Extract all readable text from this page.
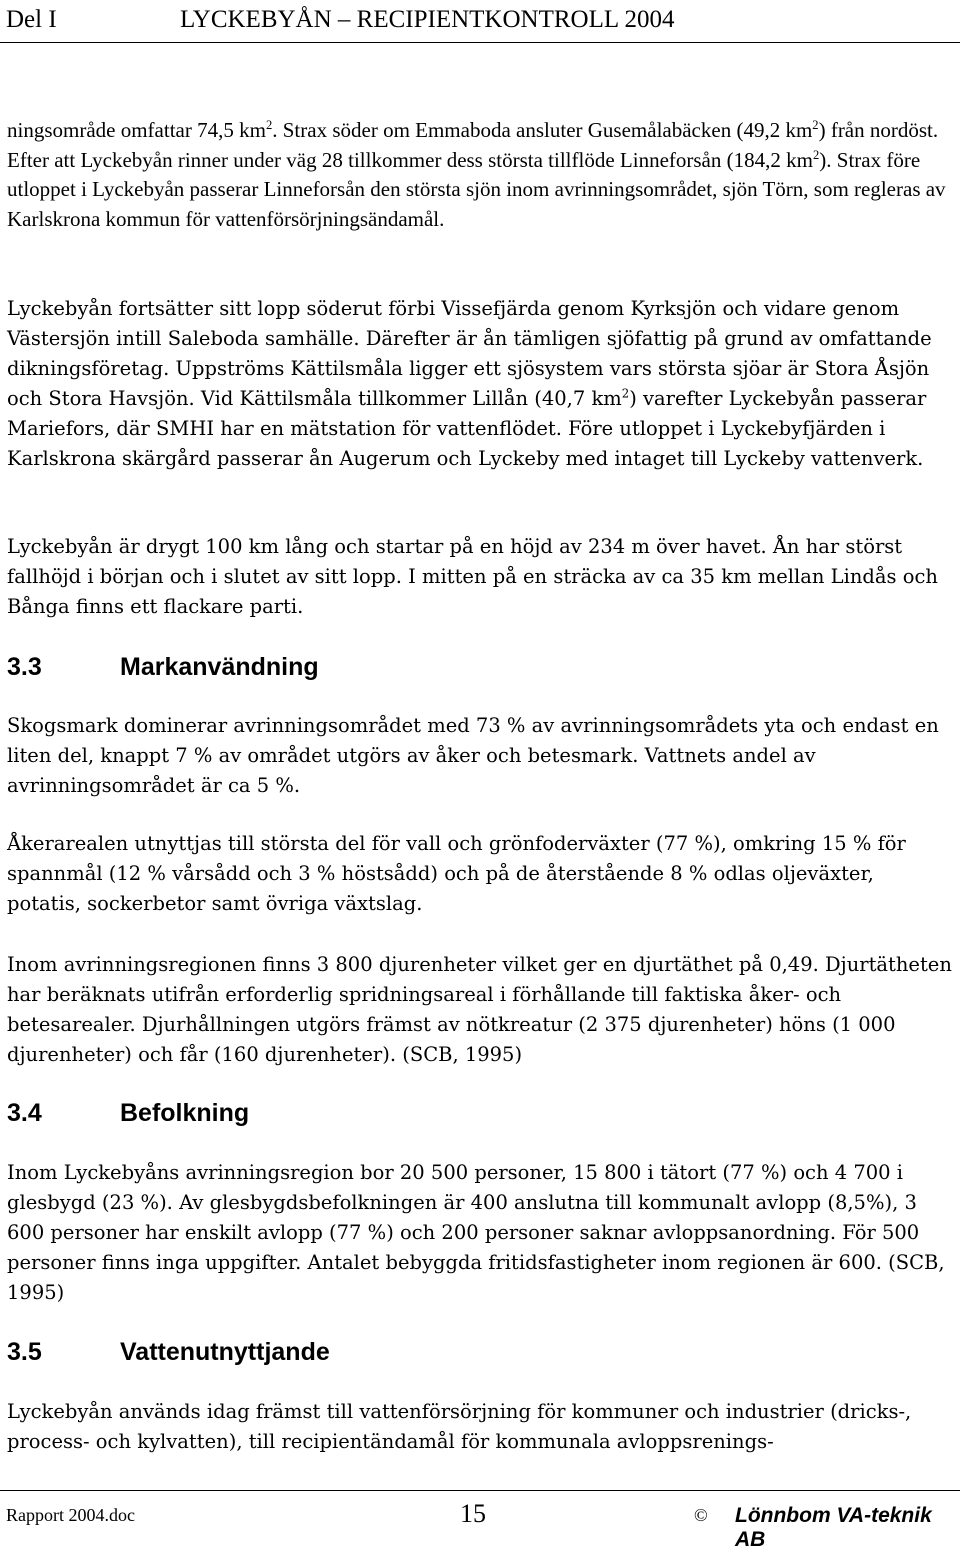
Del I	LYCKEBYÅN – RECIPIENTKONTROLL 2004
ningsområde omfattar 74,5 $km^2$. Strax söder om Emmaboda ansluter Gusemålabäcken (49,2 $km^2$) från nordöst. Efter att Lyckebyån rinner under väg 28 tillkommer dess största tillflöde Linneforsån (184,2 $km^2$). Strax före utloppet i Lyckebyån passerar Linneforsån den största sjön inom avrinningsområdet, sjön Törn, som regleras av Karlskrona kommun för vattenförsörjningsändamål.
Lyckebyån fortsätter sitt lopp söderut förbi Vissefjärda genom Kyrksjön och vidare genom Västersjön intill Saleboda samhälle. Därefter är ån tämligen sjöfattig på grund av omfattande dikningsföretag. Uppströms Kättilsmåla ligger ett sjösystem vars största sjöar är Stora Åsjön och Stora Havsjön. Vid Kättilsmåla tillkommer Lillån (40,7 $km^2$) varefter Lyckebyån passerar Mariefors, där SMHI har en mätstation för vattenflödet. Före utloppet i Lyckebyfjärden i Karlskrona skärgård passerar ån Augerum och Lyckeby med intaget till Lyckeby vattenverk.
Lyckebyån är drygt 100 km lång och startar på en höjd av 234 m över havet. Ån har störst fallhöjd i början och i slutet av sitt lopp. I mitten på en sträcka av ca 35 km mellan Lindås och Bånga finns ett flackare parti.
3.3	Markanvändning
Skogsmark dominerar avrinningsområdet med 73 % av avrinningsområdets yta och endast en liten del, knappt 7 % av området utgörs av åker och betesmark. Vattnets andel av avrinningsområdet är ca 5 %.
Åkerarealen utnyttjas till största del för vall och grönfoderväxter (77 %), omkring 15 % för spannmål (12 % vårsådd och 3 % höstsådd) och på de återstående 8 % odlas oljeväxter, potatis, sockerbetor samt övriga växtslag.
Inom avrinningsregionen finns 3 800 djurenheter vilket ger en djurtäthet på 0,49. Djurtätheten har beräknats utifrån erforderlig spridningsareal i förhållande till faktiska åker- och betesarealer. Djurhållningen utgörs främst av nötkreatur (2 375 djurenheter) höns (1 000 djurenheter) och får (160 djurenheter). (SCB, 1995)
3.4	Befolkning
Inom Lyckebyåns avrinningsregion bor 20 500 personer, 15 800 i tätort (77 %) och 4 700 i glesbygd (23 %). Av glesbygdsbefolkningen är 400 anslutna till kommunalt avlopp (8,5%), 3 600 personer har enskilt avlopp (77 %) och 200 personer saknar avloppsanordning. För 500 personer finns inga uppgifter. Antalet bebyggda fritidsfastigheter inom regionen är 600. (SCB, 1995)
3.5	Vattenutnyttjande
Lyckebyån används idag främst till vattenförsörjning för kommuner och industrier (dricks-, process- och kylvatten), till recipientändamål för kommunala avloppsrenings-
Rapport 2004.doc	15	© Lönnbom VA-teknik AB
